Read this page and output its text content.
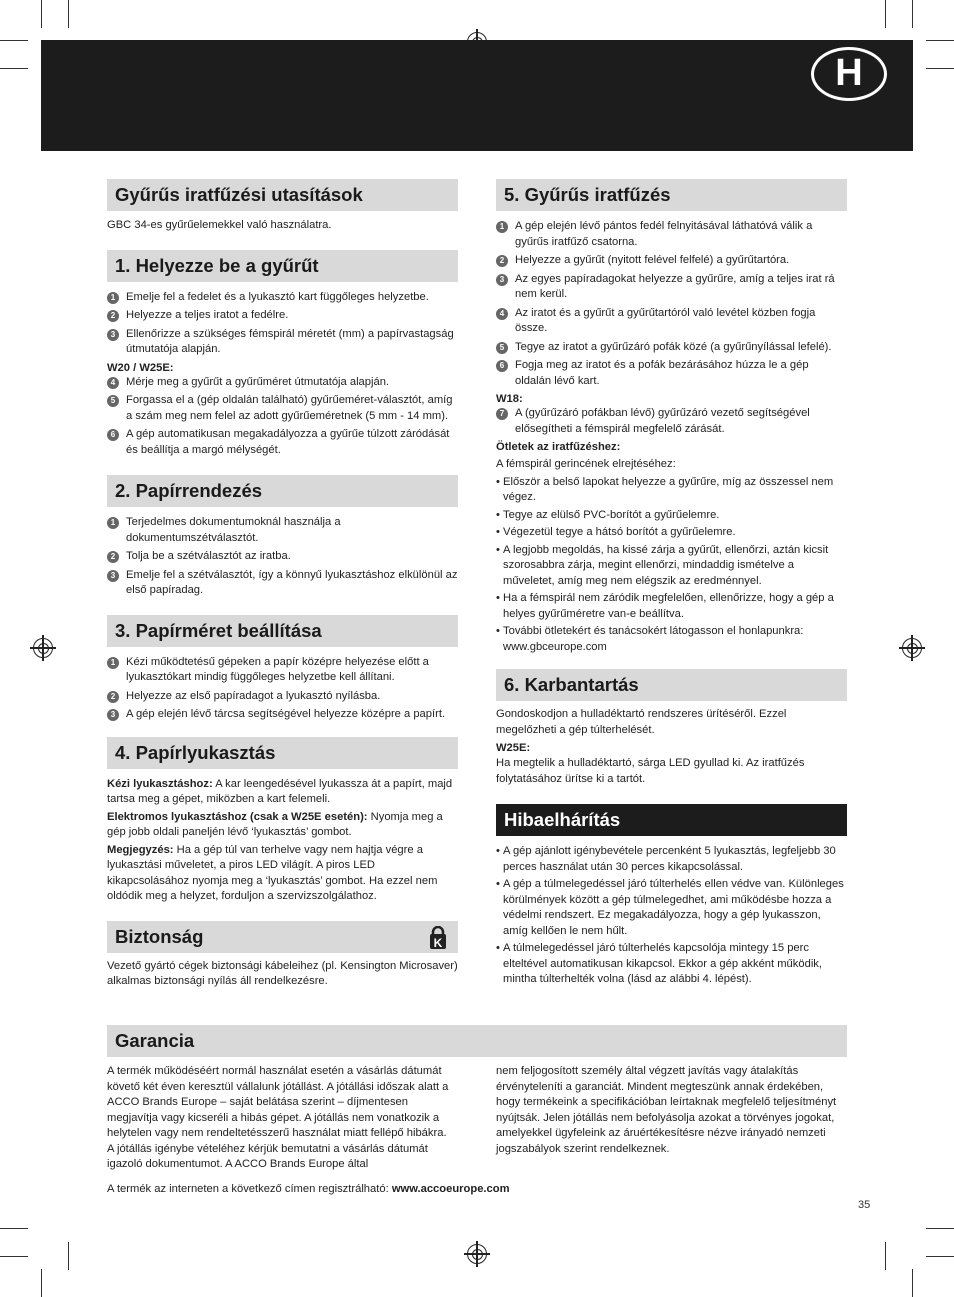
H
Gyűrűs iratfűzési utasítások
GBC 34-es gyűrűelemekkel való használatra.
1. Helyezze be a gyűrűt
1 Emelje fel a fedelet és a lyukasztó kart függőleges helyzetbe.
2 Helyezze a teljes iratot a fedélre.
3 Ellenőrizze a szükséges fémspirál méretét (mm) a papírvastagság útmutatója alapján.
W20 / W25E:
4 Mérje meg a gyűrűt a gyűrűméret útmutatója alapján.
5 Forgassa el a (gép oldalán található) gyűrűeméret-választót, amíg a szám meg nem felel az adott gyűrűeméretnek (5 mm - 14 mm).
6 A gép automatikusan megakadályozza a gyűrűe túlzott záródását és beállítja a margó mélységét.
2. Papírrendezés
1 Terjedelmes dokumentumoknál használja a dokumentumszétválasztót.
2 Tolja be a szétválasztót az iratba.
3 Emelje fel a szétválasztót, így a könnyű lyukasztáshoz elkülönül az első papíradag.
3. Papírméret beállítása
1 Kézi működtetésű gépeken a papír középre helyezése előtt a lyukasztókart mindig függőleges helyzetbe kell állítani.
2 Helyezze az első papíradagot a lyukasztó nyílásba.
3 A gép elején lévő tárcsa segítségével helyezze középre a papírt.
4. Papírlyukasztás
Kézi lyukasztáshoz: A kar leengedésével lyukassza át a papírt, majd tartsa meg a gépet, miközben a kart felemeli.
Elektromos lyukasztáshoz (csak a W25E esetén): Nyomja meg a gép jobb oldali paneljén lévő ‘lyukasztás’ gombot.
Megjegyzés: Ha a gép túl van terhelve vagy nem hajtja végre a lyukasztási műveletet, a piros LED világít. A piros LED kikapcsolásához nyomja meg a ‘lyukasztás’ gombot. Ha ezzel nem oldódik meg a helyzet, forduljon a szervizszolgálathoz.
Biztonság	K
Vezető gyártó cégek biztonsági kábeleihez (pl. Kensington Microsaver) alkalmas biztonsági nyílás áll rendelkezésre.
5. Gyűrűs iratfűzés
1 A gép elején lévő pántos fedél felnyitásával láthatóvá válik a gyűrűs iratfűző csatorna.
2 Helyezze a gyűrűt (nyitott felével felfelé) a gyűrűtartóra.
3 Az egyes papíradagokat helyezze a gyűrűre, amíg a teljes irat rá nem kerül.
4 Az iratot és a gyűrűt a gyűrűtartóról való levétel közben fogja össze.
5 Tegye az iratot a gyűrűzáró pofák közé (a gyűrűnyílással lefelé).
6 Fogja meg az iratot és a pofák bezárásához húzza le a gép oldalán lévő kart.
W18:
7 A (gyűrűzáró pofákban lévő) gyűrűzáró vezető segítségével elősegítheti a fémspirál megfelelő zárását.
Ötletek az iratfűzéshez:
A fémspirál gerincének elrejtéséhez:
• Először a belső lapokat helyezze a gyűrűre, míg az összessel nem végez.
• Tegye az elülső PVC-borítót a gyűrűelemre.
• Végezetül tegye a hátsó borítót a gyűrűelemre.
• A legjobb megoldás, ha kissé zárja a gyűrűt, ellenőrzi, aztán kicsit szorosabbra zárja, megint ellenőrzi, mindaddig ismételve a műveletet, amíg meg nem elégszik az eredménnyel.
• Ha a fémspirál nem záródik megfelelően, ellenőrizze, hogy a gép a helyes gyűrűméretre van-e beállítva.
• További ötletekért és tanácsokért látogasson el honlapunkra: www.gbceurope.com
6. Karbantartás
Gondoskodjon a hulladéktartó rendszeres ürítéséről. Ezzel megelőzheti a gép túlterhelését.
W25E:
Ha megtelik a hulladéktartó, sárga LED gyullad ki. Az iratfűzés folytatásához ürítse ki a tartót.
Hibaelhárítás
• A gép ajánlott igénybevétele percenként 5 lyukasztás, legfeljebb 30 perces használat után 30 perces kikapcsolással.
• A gép a túlmelegedéssel járó túlterhelés ellen védve van. Különleges körülmények között a gép túlmelegedhet, ami működésbe hozza a védelmi rendszert. Ez megakadályozza, hogy a gép lyukasszon, amíg kellően le nem hűlt.
• A túlmelegedéssel járó túlterhelés kapcsolója mintegy 15 perc elteltével automatikusan kikapcsol. Ekkor a gép akként működik, mintha túlterhelték volna (lásd az alábbi 4. lépést).
Garancia
A termék működéséért normál használat esetén a vásárlás dátumát követő két éven keresztül vállalunk jótállást. A jótállási időszak alatt a ACCO Brands Europe – saját belátása szerint – díjmentesen megjavítja vagy kicseréli a hibás gépet. A jótállás nem vonatkozik a helytelen vagy nem rendeltetésszerű használat miatt fellépő hibákra. A jótállás igénybe vételéhez kérjük bemutatni a vásárlás dátumát igazoló dokumentumot. A ACCO Brands Europe által
nem feljogosított személy által végzett javítás vagy átalakítás érvényteleníti a garanciát. Mindent megteszünk annak érdekében, hogy termékeink a specifikációban leírtaknak megfelelő teljesítményt nyújtsák. Jelen jótállás nem befolyásolja azokat a törvényes jogokat, amelyekkel ügyfeleink az áruértékesítésre nézve irányadó nemzeti jogszabályok szerint rendelkeznek.
A termék az interneten a következő címen regisztrálható: www.accoeurope.com
35
